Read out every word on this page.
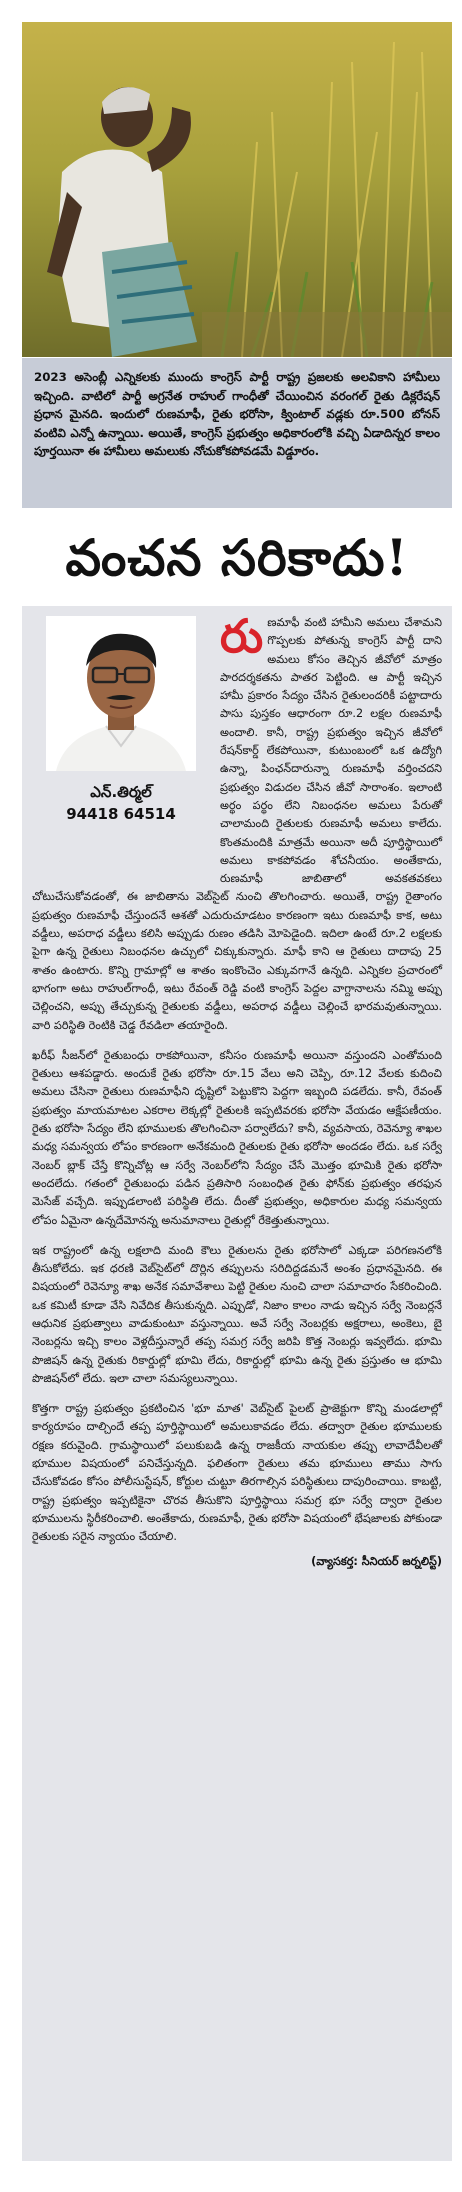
2023 అసెంబ్లీ ఎన్నికలకు ముందు కాంగ్రెస్ పార్టీ రాష్ట్ర ప్రజలకు అలవికాని హామీలు ఇచ్చింది. వాటిలో పార్టీ అగ్రనేత రాహుల్ గాంధీతో చేయించిన వరంగల్ రైతు డిక్లరేషన్ ప్రధాన మైనది. ఇందులో రుణమాఫీ, రైతు భరోసా, క్వింటాల్ వడ్లకు రూ.500 బోనస్ వంటివి ఎన్నో ఉన్నాయి. అయితే, కాంగ్రెస్ ప్రభుత్వం అధికారంలోకి వచ్చి ఏడాదిన్నర కాలం పూర్తయినా ఈ హామీలు అమలుకు నోచుకోకపోవడమే విడ్డూరం.

వంచన సరికాదు!
ఎన్.తిర్మల్
94418 64514

రుణమాఫీ వంటి హామీని అమలు చేశామని గొప్పలకు పోతున్న కాంగ్రెస్ పార్టీ దాని అమలు కోసం తెచ్చిన జీవోలో మాత్రం పారదర్శకతను పాతర పెట్టింది. ఆ పార్టీ ఇచ్చిన హామీ ప్రకారం సేద్యం చేసిన రైతులందరికీ పట్టాదారు పాసు పుస్తకం ఆధారంగా రూ.2 లక్షల రుణమాఫీ అందాలి. కానీ, రాష్ట్ర ప్రభుత్వం ఇచ్చిన జీవోలో రేషన్‌కార్డ్ లేకపోయినా, కుటుంబంలో ఒక ఉద్యోగి ఉన్నా, పింఛన్‌దారున్నా రుణమాఫీ వర్తించదని ప్రభుత్వం విడుదల చేసిన జీవో సారాంశం. ఇలాంటి అర్థం పర్థం లేని నిబంధనల అమలు పేరుతో చాలామంది రైతులకు రుణమాఫీ అమలు కాలేదు. కొంతమందికి మాత్రమే అయినా అదీ పూర్తిస్థాయిలో అమలు కాకపోవడం శోచనీయం. అంతేకాదు, రుణమాఫీ జాబితాలో అవకతవకలు చోటుచేసుకోవడంతో, ఈ జాబితాను వెబ్‌సైట్ నుంచి తొలగించారు. అయితే, రాష్ట్ర రైతాంగం ప్రభుత్వం రుణమాఫీ చేస్తుందనే ఆశతో ఎదురుచూడటం కారణంగా ఇటు రుణమాఫీ కాక, అటు వడ్డీలు, అపరాధ వడ్డీలు కలిసి అప్పుడు రుణం తడిసి మోపెడైంది. ఇదిలా ఉంటే రూ.2 లక్షలకు పైగా ఉన్న రైతులు నిబంధనల ఉచ్చులో చిక్కుకున్నారు. మాఫీ కాని ఆ రైతులు దాదాపు 25 శాతం ఉంటారు. కొన్ని గ్రామాల్లో ఆ శాతం ఇంకొంచెం ఎక్కువగానే ఉన్నది. ఎన్నికల ప్రచారంలో భాగంగా అటు రాహుల్‌గాంధీ, ఇటు రేవంత్ రెడ్డి వంటి కాంగ్రెస్ పెద్దల వాగ్దానాలను నమ్మి అప్పు చెల్లించని, అప్పు తేచ్చుకున్న రైతులకు వడ్డీలు, అపరాధ వడ్డీలు చెల్లించే భారమవుతున్నాయి. వారి పరిస్థితి రెంటికి చెడ్డ రేవడిలా తయారైంది.

ఖరీఫ్ సీజన్‌లో రైతుబంధు రాకపోయినా, కనీసం రుణమాఫీ అయినా వస్తుందని ఎంతోమంది రైతులు ఆశపడ్డారు. అందుకే రైతు భరోసా రూ.15 వేలు అని చెప్పి, రూ.12 వేలకు కుదించి అమలు చేసినా రైతులు రుణమాఫీని దృష్టిలో పెట్టుకొని పెద్దగా ఇబ్బంది పడలేదు. కానీ, రేవంత్ ప్రభుత్వం మాయమాటల ఎకరాల లెక్కల్లో రైతులకి ఇప్పటివరకు భరోసా వేయడం ఆక్షేపణీయం. రైతు భరోసా సేద్యం లేని భూములకు తొలగించినా పర్వాలేదు? కానీ, వ్యవసాయ, రెవెన్యూ శాఖల మధ్య సమన్వయ లోపం కారణంగా అనేకమంది రైతులకు రైతు భరోసా అందడం లేదు. ఒక సర్వే నెంబర్ బ్లాక్ చేస్తే కొన్నిచోట్ల ఆ సర్వే నెంబర్‌లోని సేద్యం చేసే మొత్తం భూమికి రైతు భరోసా అందలేదు. గతంలో రైతుబంధు పడిన ప్రతిసారి సంబంధిత రైతు ఫోన్‌కు ప్రభుత్వం తరఫున మెసేజ్ వచ్చేది. ఇప్పుడలాంటి పరిస్థితి లేదు. దీంతో ప్రభుత్వం, అధికారుల మధ్య సమన్వయ లోపం ఏమైనా ఉన్నదేమోనన్న అనుమానాలు రైతుల్లో రేకెత్తుతున్నాయి.

ఇక రాష్ట్రంలో ఉన్న లక్షలాది మంది కౌలు రైతులను రైతు భరోసాలో ఎక్కడా పరిగణనలోకి తీసుకోలేదు. ఇక ధరణి వెబ్‌సైట్‌లో దొర్లిన తప్పులను సరిదిద్దడమనే అంశం ప్రధానమైనది. ఈ విషయంలో రెవెన్యూ శాఖ అనేక సమావేశాలు పెట్టి రైతుల నుంచి చాలా సమాచారం సేకరించింది. ఒక కమిటీ కూడా వేసి నివేదిక తీసుకున్నది. ఎప్పుడో, నిజాం కాలం నాడు ఇచ్చిన సర్వే నెంబర్లనే ఆధునిక ప్రభుత్వాలు వాడుకుంటూ వస్తున్నాయి. అవే సర్వే నెంబర్లకు అక్షరాలు, అంకెలు, బై నెంబర్లను ఇచ్చి కాలం వెళ్లదీస్తున్నారే తప్ప సమగ్ర సర్వే జరిపి కొత్త నెంబర్లు ఇవ్వలేదు. భూమి పొజిషన్ ఉన్న రైతుకు రికార్డుల్లో భూమి లేదు, రికార్డుల్లో భూమి ఉన్న రైతు ప్రస్తుతం ఆ భూమి పొజిషన్‌లో లేదు. ఇలా చాలా సమస్యలున్నాయి.

కొత్తగా రాష్ట్ర ప్రభుత్వం ప్రకటించిన 'భూ మాత' వెబ్‌సైట్ పైలట్ ప్రాజెక్టుగా కొన్ని మండలాల్లో కార్యరూపం దాల్చిందే తప్ప పూర్తిస్థాయిలో అమలుకావడం లేదు. తద్వారా రైతుల భూములకు రక్షణ కరువైంది. గ్రామస్థాయిలో పలుకుబడి ఉన్న రాజకీయ నాయకుల తప్పు లావాదేవీలతో భూముల విషయంలో పనిచేస్తున్నది. ఫలితంగా రైతులు తమ భూములు తాము సాగు చేసుకోవడం కోసం పోలీసుస్టేషన్, కోర్టుల చుట్టూ తిరగాల్సిన పరిస్థితులు దాపురించాయి. కాబట్టి, రాష్ట్ర ప్రభుత్వం ఇప్పటికైనా చొరవ తీసుకొని పూర్తిస్థాయి సమగ్ర భూ సర్వే ద్వారా రైతుల భూములను స్థిరీకరించాలి. అంతేకాదు, రుణమాఫీ, రైతు భరోసా విషయంలో భేషజాలకు పోకుండా రైతులకు సరైన న్యాయం చేయాలి.

(వ్యాసకర్త: సీనియర్ జర్నలిస్ట్)
